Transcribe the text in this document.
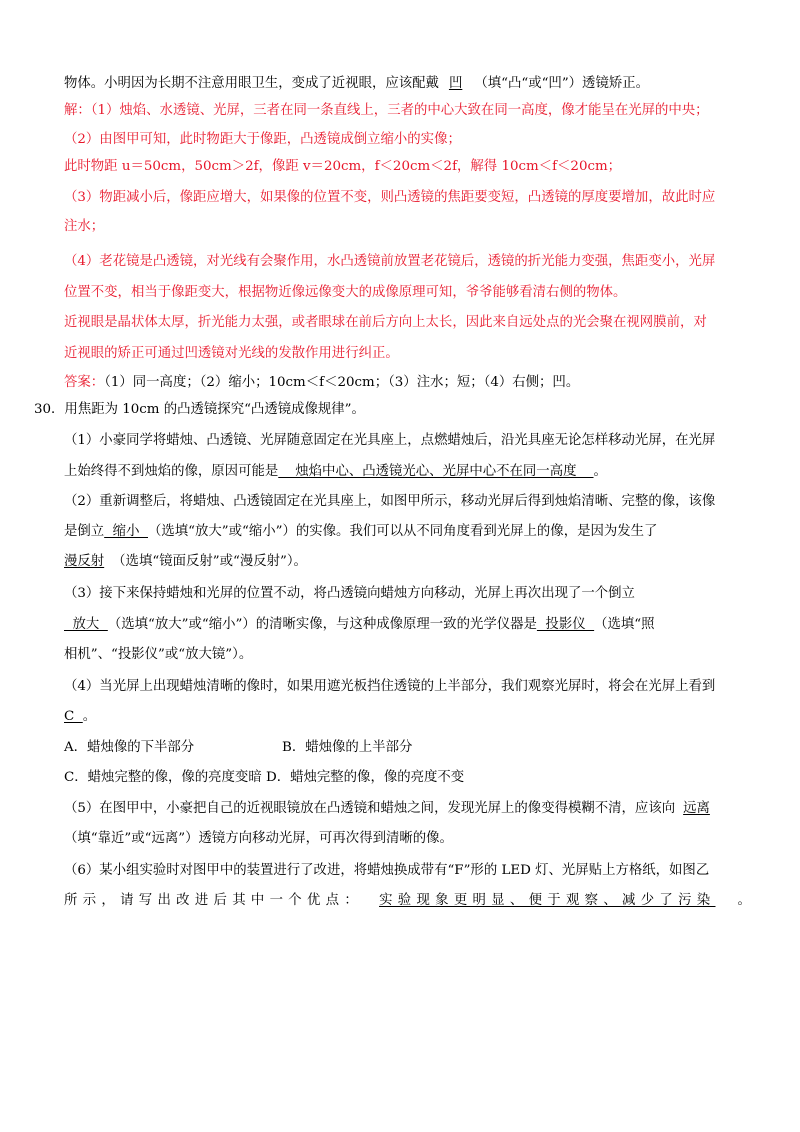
物体。小明因为长期不注意用眼卫生，变成了近视眼，应该配戴 凹 （填“凸“或“凹”）透镜矫正。
解：（1）烛焰、水透镜、光屏，三者在同一条直线上，三者的中心大致在同一高度，像才能呈在光屏的中央；
（2）由图甲可知，此时物距大于像距，凸透镜成倒立缩小的实像；
此时物距 u＝50cm，50cm＞2f，像距 v＝20cm，f＜20cm＜2f，解得 10cm＜f＜20cm；
（3）物距减小后，像距应增大，如果像的位置不变，则凸透镜的焦距要变短，凸透镜的厚度要增加，故此时应
注水；
（4）老花镜是凸透镜，对光线有会聚作用，水凸透镜前放置老花镜后，透镜的折光能力变强，焦距变小，光屏
位置不变，相当于像距变大，根据物近像远像变大的成像原理可知，爷爷能够看清右侧的物体。
近视眼是晶状体太厚，折光能力太强，或者眼球在前后方向上太长，因此来自远处点的光会聚在视网膜前，对
近视眼的矫正可通过凹透镜对光线的发散作用进行纠正。
答案：（1）同一高度；（2）缩小；10cm＜f＜20cm；（3）注水；短；（4）右侧；凹。
30．用焦距为 10cm 的凸透镜探究“凸透镜成像规律”。
（1）小豪同学将蜡烛、凸透镜、光屏随意固定在光具座上，点燃蜡烛后，沿光具座无论怎样移动光屏，在光屏
上始终得不到烛焰的像，原因可能是    烛焰中心、凸透镜光心、光屏中心不在同一高度    。
（2）重新调整后，将蜡烛、凸透镜固定在光具座上，如图甲所示，移动光屏后得到烛焰清晰、完整的像，该像
是倒立  缩小  （选填“放大”或“缩小”）的实像。我们可以从不同角度看到光屏上的像，是因为发生了
漫反射 （选填“镜面反射”或“漫反射”）。
（3）接下来保持蜡烛和光屏的位置不动，将凸透镜向蜡烛方向移动，光屏上再次出现了一个倒立
放大  （选填“放大”或“缩小”）的清晰实像，与这种成像原理一致的光学仪器是  投影仪  （选填“照
相机”、“投影仪”或“放大镜”）。
（4）当光屏上出现蜡烛清晰的像时，如果用遮光板挡住透镜的上半部分，我们观察光屏时，将会在光屏上看到
C  。
A．蜡烛像的下半部分	B．蜡烛像的上半部分
C．蜡烛完整的像，像的亮度变暗 D．蜡烛完整的像，像的亮度不变
（5）在图甲中，小豪把自己的近视眼镜放在凸透镜和蜡烛之间，发现光屏上的像变得模糊不清，应该向 远离
（填“靠近”或“远离”）透镜方向移动光屏，可再次得到清晰的像。
（6）某小组实验时对图甲中的装置进行了改进，将蜡烛换成带有“F”形的 LED 灯、光屏贴上方格纸，如图乙
所示，请写出改进后其中一个优点： 实验现象更明显、便于观察、减少了污染 。
